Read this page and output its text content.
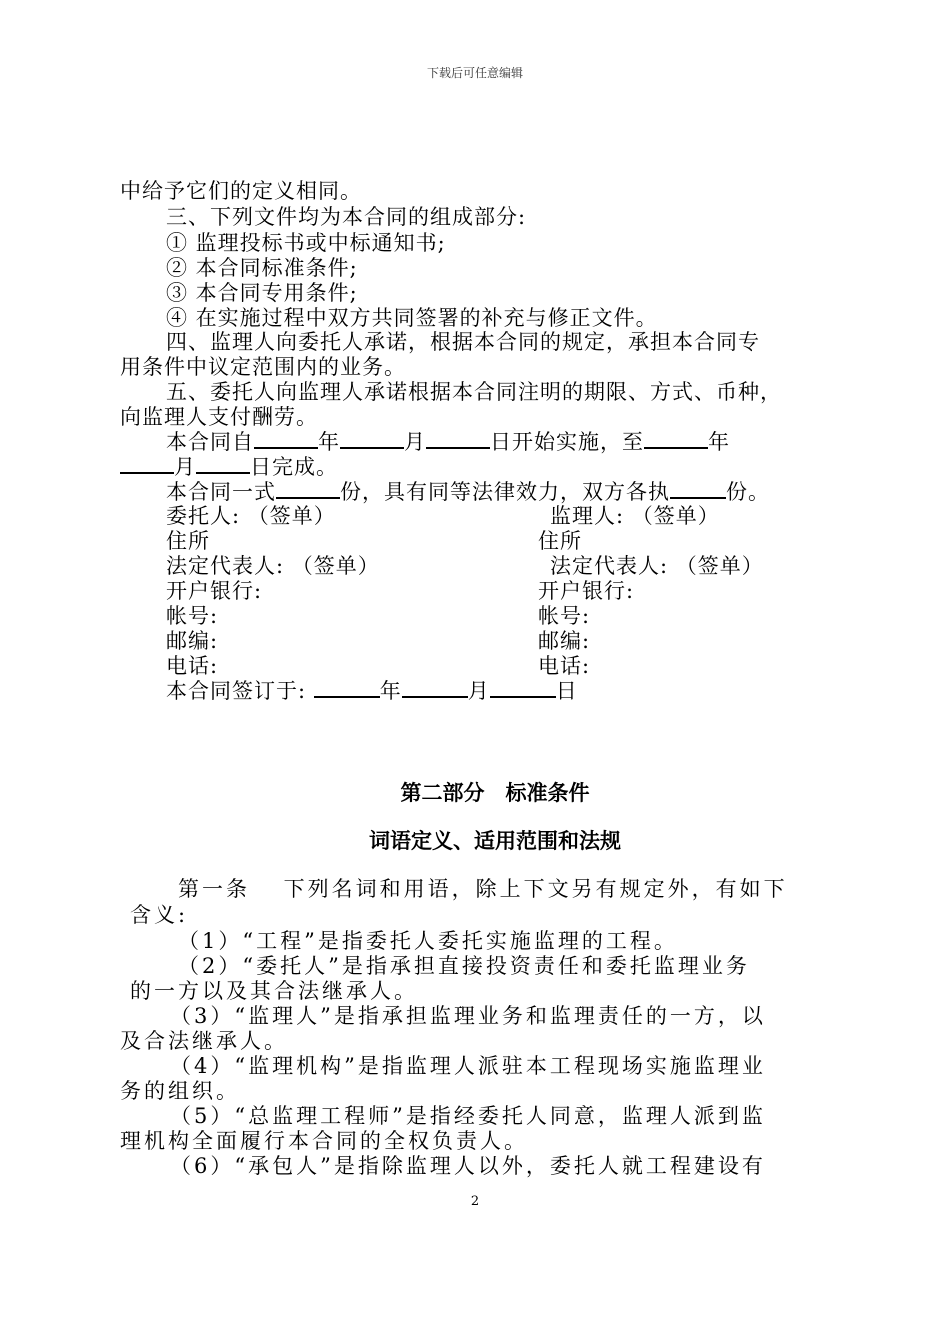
下载后可任意编辑
中给予它们的定义相同。
三、下列文件均为本合同的组成部分:
① 监理投标书或中标通知书;
② 本合同标准条件;
③ 本合同专用条件;
④ 在实施过程中双方共同签署的补充与修正文件。
四、监理人向委托人承诺，根据本合同的规定，承担本合同专
用条件中议定范围内的业务。
五、委托人向监理人承诺根据本合同注明的期限、方式、币种，
向监理人支付酬劳。
本合同自	年	月	日开始实施，至	年
月	日完成。
本合同一式	份，具有同等法律效力，双方各执	份。
委托人: （签单）	监理人: （签单）
住所	住所
法定代表人: （签单）	法定代表人: （签单）
开户银行:	开户银行:
帐号:	帐号:
邮编:	邮编:
电话:	电话:
本合同签订于:	年	月	日
第二部分　标准条件
词语定义、适用范围和法规
第一条　 下列名词和用语，除上下文另有规定外，有如下
含义:
（1）“工程”是指委托人委托实施监理的工程。
（2）“委托人”是指承担直接投资责任和委托监理业务
的一方以及其合法继承人。
（3）“监理人”是指承担监理业务和监理责任的一方，以
及合法继承人。
（4）“监理机构”是指监理人派驻本工程现场实施监理业
务的组织。
（5）“总监理工程师”是指经委托人同意，监理人派到监
理机构全面履行本合同的全权负责人。
（6）“承包人”是指除监理人以外，委托人就工程建设有
2
